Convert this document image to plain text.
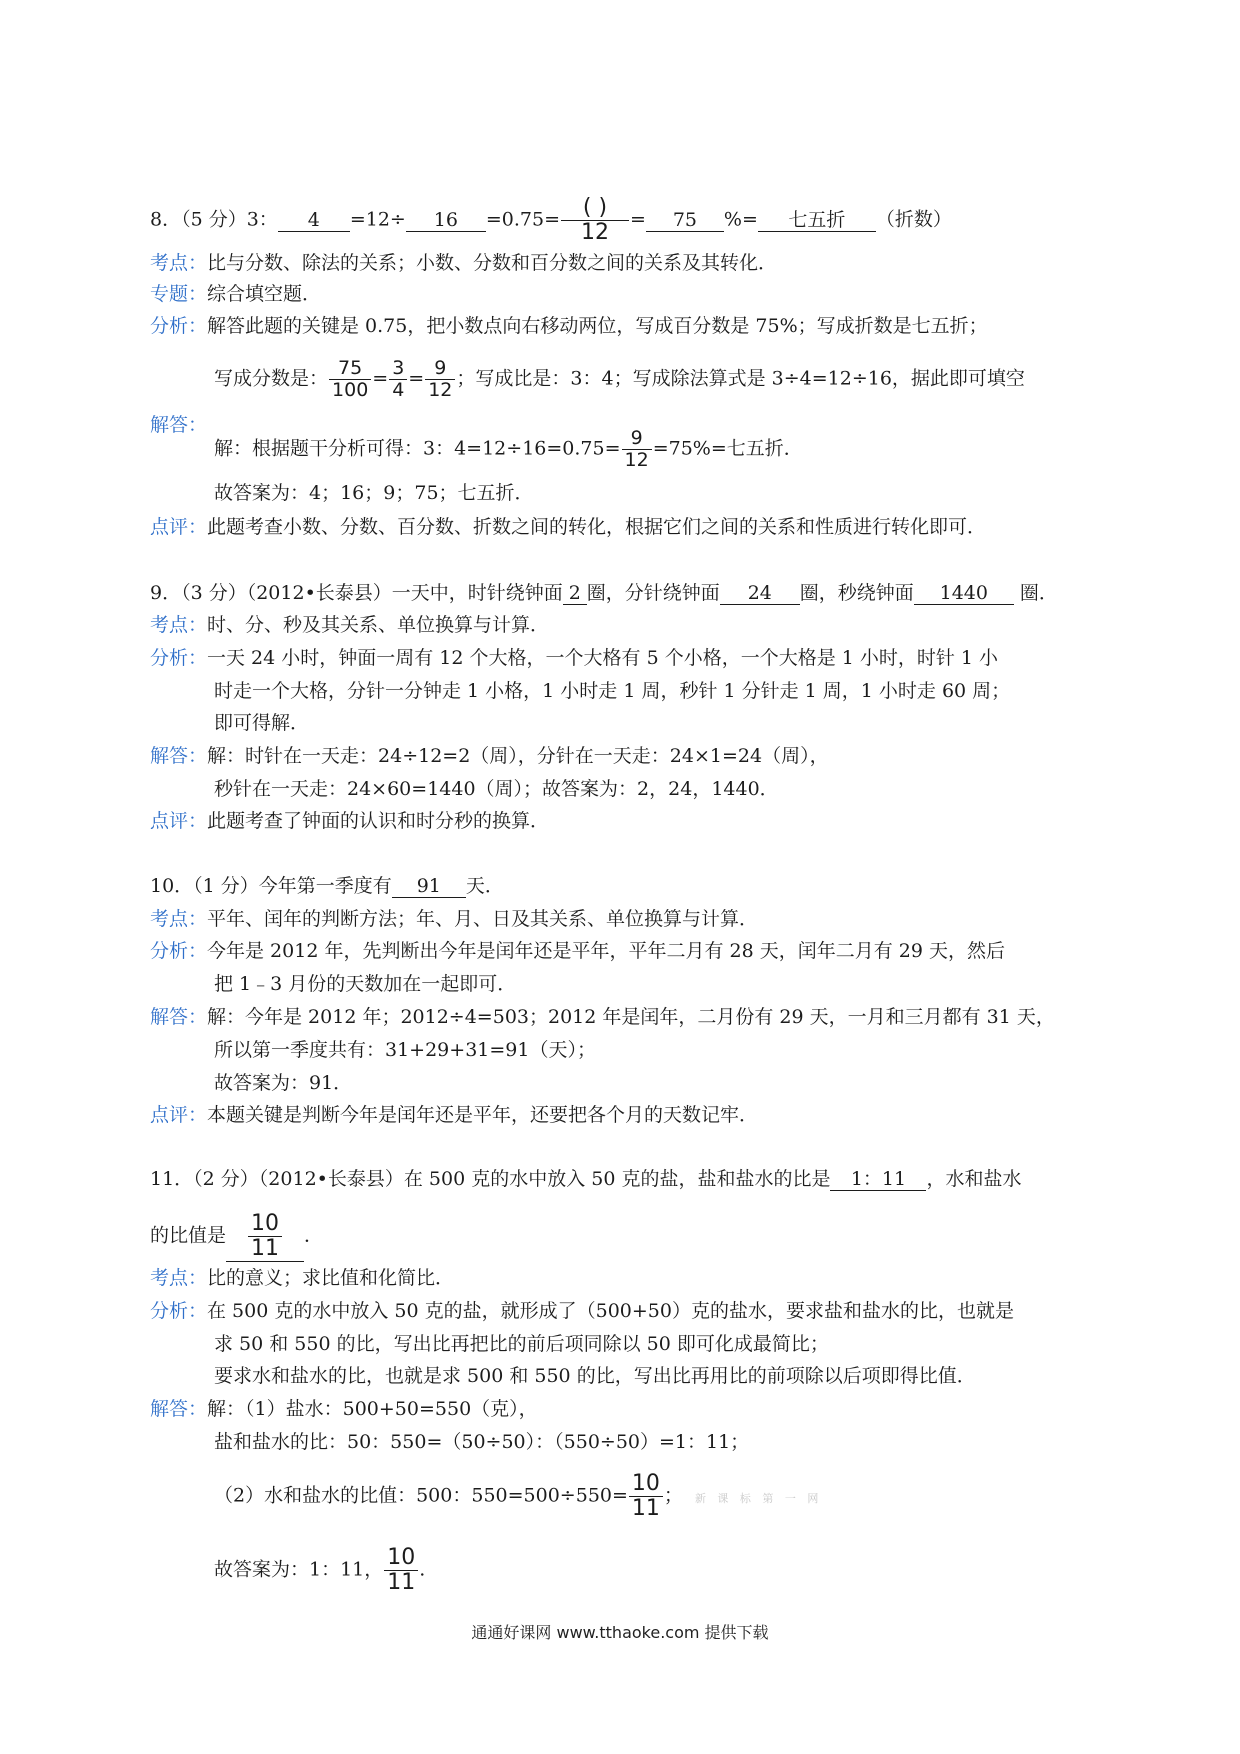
8．（5 分）3： $4 =12\div 16 =0.75= \frac{( )}{12} = 75$ %= 七五折 （折数）
考点：比与分数、除法的关系；小数、分数和百分数之间的关系及其转化．
专题：综合填空题．
分析：解答此题的关键是 0.75，把小数点向右移动两位，写成百分数是 75%；写成折数是七五折；
写成分数是： $\frac{75}{100} = \frac{3}{4} = \frac{9}{12}$ ；写成比是：3：4；写成除法算式是 3÷4=12÷16，据此即可填空
解答：
解：根据题干分析可得：3：$4=12\div 16=0.75= \frac{9}{12} =75\%=$七五折．
故答案为：4；16；9；75；七五折．
点评：此题考查小数、分数、百分数、折数之间的转化，根据它们之间的关系和性质进行转化即可．
9．（3 分）（2012•长泰县）一天中，时针绕钟面 2 圈，分针绕钟面 24 圈，秒绕钟面 1440 圈．
考点：时、分、秒及其关系、单位换算与计算．
分析：一天 24 小时，钟面一周有 12 个大格，一个大格有 5 个小格，一个大格是 1 小时，时针 1 小
时走一个大格，分针一分钟走 1 小格，1 小时走 1 周，秒针 1 分针走 1 周，1 小时走 60 周；
即可得解．
解答：解：时针在一天走：24÷12=2（周），分针在一天走：24×1=24（周），
秒针在一天走：24×60=1440（周）；故答案为：2，24，1440．
点评：此题考查了钟面的认识和时分秒的换算．
10．（1 分）今年第一季度有 91 天．
考点：平年、闰年的判断方法；年、月、日及其关系、单位换算与计算．
分析：今年是 2012 年，先判断出今年是闰年还是平年，平年二月有 28 天，闰年二月有 29 天，然后
把 1﹣3 月份的天数加在一起即可．
解答：解：今年是 2012 年；2012÷4=503；2012 年是闰年，二月份有 29 天，一月和三月都有 31 天，
所以第一季度共有：31+29+31=91（天）；
故答案为：91．
点评：本题关键是判断今年是闰年还是平年，还要把各个月的天数记牢．
11．（2 分）（2012•长泰县）在 500 克的水中放入 50 克的盐，盐和盐水的比是 1：11 ，水和盐水
的比值是 $\frac{10}{11}$ ．
考点：比的意义；求比值和化简比．
分析：在 500 克的水中放入 50 克的盐，就形成了（500+50）克的盐水，要求盐和盐水的比，也就是
求 50 和 550 的比，写出比再把比的前后项同除以 50 即可化成最简比；
要求水和盐水的比，也就是求 500 和 550 的比，写出比再用比的前项除以后项即得比值．
解答：解：（1）盐水：500+50=550（克），
盐和盐水的比：50：550=（50÷50）：（550÷50）=1：11；
（2）水和盐水的比值：500：$550=500\div 550= \frac{10}{11}$ ； 新 课 标 第 一 网
故答案为：1：11， $\frac{10}{11}$ .
通通好课网 www.tthaoke.com 提供下载
